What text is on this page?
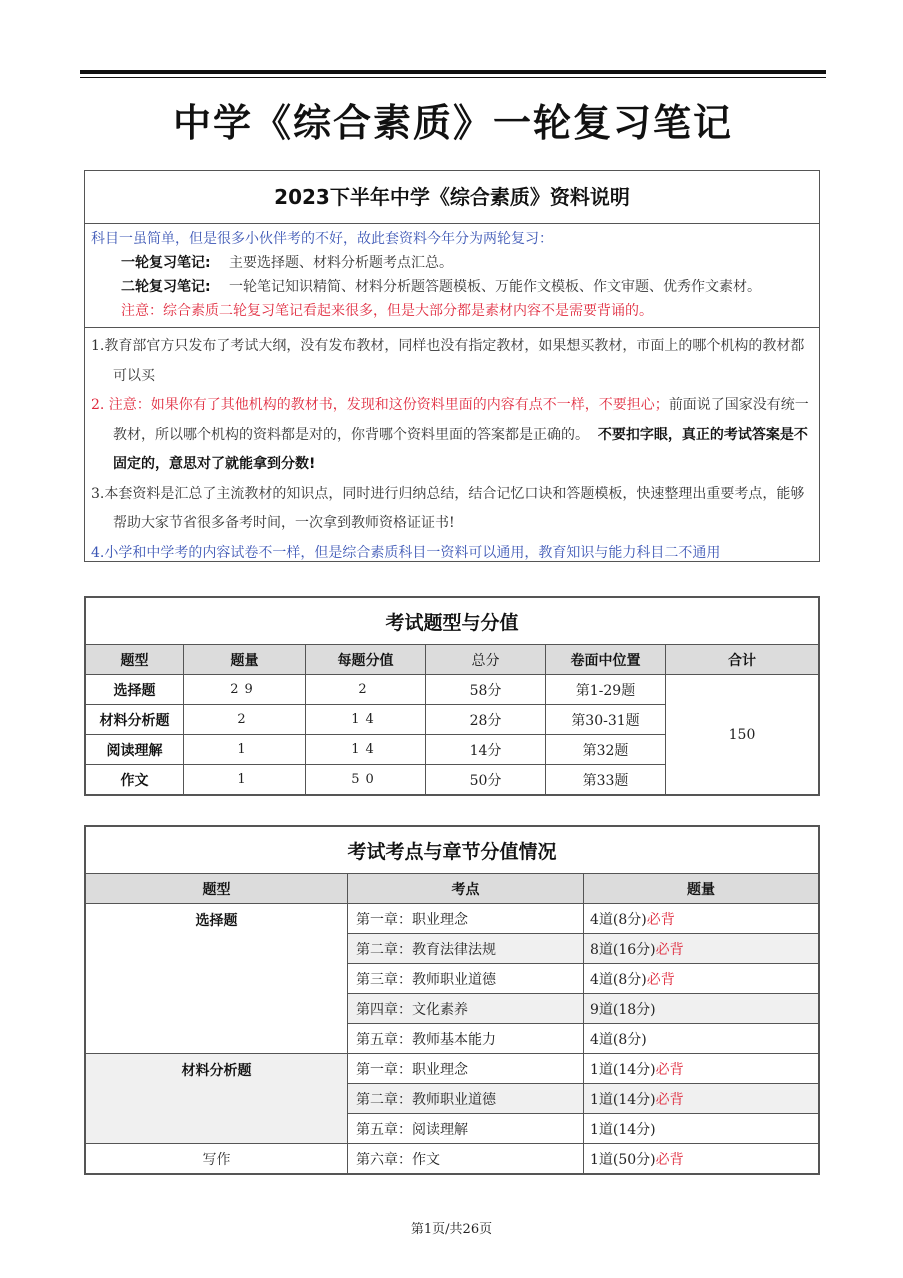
中学《综合素质》一轮复习笔记
2023下半年中学《综合素质》资料说明
科目一虽简单，但是很多小伙伴考的不好，故此套资料今年分为两轮复习：
一轮复习笔记: 主要选择题、材料分析题考点汇总。
二轮复习笔记: 一轮笔记知识精简、材料分析题答题模板、万能作文模板、作文审题、优秀作文素材。
注意：综合素质二轮复习笔记看起来很多，但是大部分都是素材内容不是需要背诵的。
1.教育部官方只发布了考试大纲，没有发布教材，同样也没有指定教材，如果想买教材，市面上的哪个机构的教材都可以买
2. 注意：如果你有了其他机构的教材书，发现和这份资料里面的内容有点不一样，不要担心；前面说了国家没有统一教材，所以哪个机构的资料都是对的，你背哪个资料里面的答案都是正确的。 不要扣字眼，真正的考试答案是不固定的，意思对了就能拿到分数!
3.本套资料是汇总了主流教材的知识点，同时进行归纳总结，结合记忆口诀和答题模板，快速整理出重要考点，能够帮助大家节省很多备考时间，一次拿到教师资格证证书!
4.小学和中学考的内容试卷不一样，但是综合素质科目一资料可以通用，教育知识与能力科目二不通用
考试题型与分值					
题型	题量	每题分值	总分	卷面中位置	合计
选择题	29	2	58分	第1-29题	150
材料分析题	2	14	28分	第30-31题	
阅读理解	1	14	14分	第32题	
作文	1	50	50分	第33题	
考试考点与章节分值情况		
题型	考点	题量
选择题	第一章：职业理念	4道(8分)必背
	第二章：教育法律法规	8道(16分)必背
	第三章：教师职业道德	4道(8分)必背
	第四章：文化素养	9道(18分)
	第五章：教师基本能力	4道(8分)
材料分析题	第一章：职业理念	1道(14分)必背
	第二章：教师职业道德	1道(14分)必背
	第五章：阅读理解	1道(14分)
写作	第六章：作文	1道(50分)必背
第1页/共26页
